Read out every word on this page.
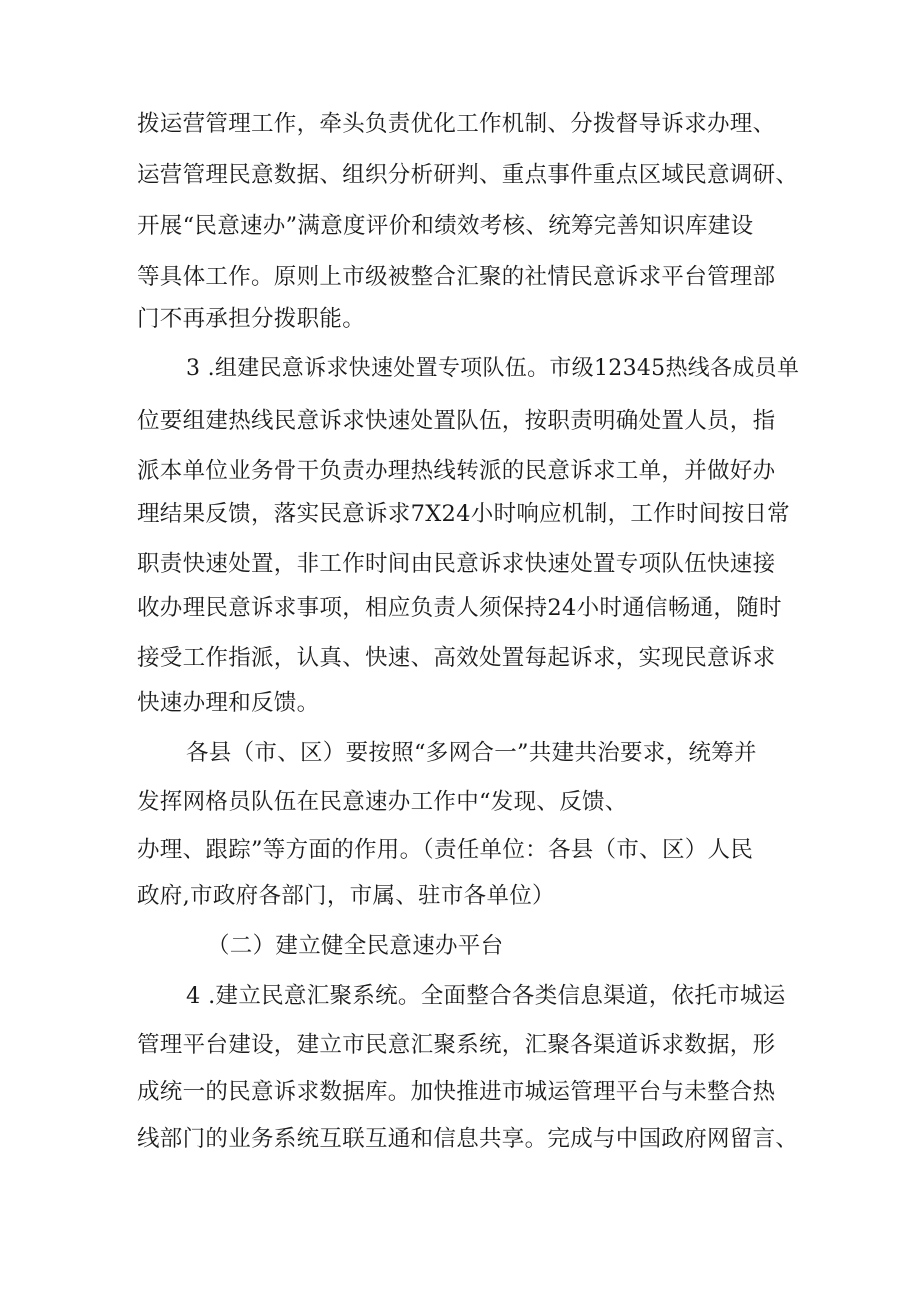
拨运营管理工作，牵头负责优化工作机制、分拨督导诉求办理、
运营管理民意数据、组织分析研判、重点事件重点区域民意调研、
开展“民意速办”满意度评价和绩效考核、统筹完善知识库建设
等具体工作。原则上市级被整合汇聚的社情民意诉求平台管理部
门不再承担分拨职能。
3 .组建民意诉求快速处置专项队伍。市级12345热线各成员单
位要组建热线民意诉求快速处置队伍，按职责明确处置人员，指
派本单位业务骨干负责办理热线转派的民意诉求工单，并做好办
理结果反馈，落实民意诉求7X24小时响应机制，工作时间按日常
职责快速处置，非工作时间由民意诉求快速处置专项队伍快速接
收办理民意诉求事项，相应负责人须保持24小时通信畅通，随时
接受工作指派，认真、快速、高效处置每起诉求，实现民意诉求
快速办理和反馈。
各县（市、区）要按照“多网合一”共建共治要求，统筹并
发挥网格员队伍在民意速办工作中“发现、反馈、
办理、跟踪”等方面的作用。（责任单位：各县（市、区）人民
政府,市政府各部门，市属、驻市各单位）
（二）建立健全民意速办平台
4 .建立民意汇聚系统。全面整合各类信息渠道，依托市城运
管理平台建设，建立市民意汇聚系统，汇聚各渠道诉求数据，形
成统一的民意诉求数据库。加快推进市城运管理平台与未整合热
线部门的业务系统互联互通和信息共享。完成与中国政府网留言、
